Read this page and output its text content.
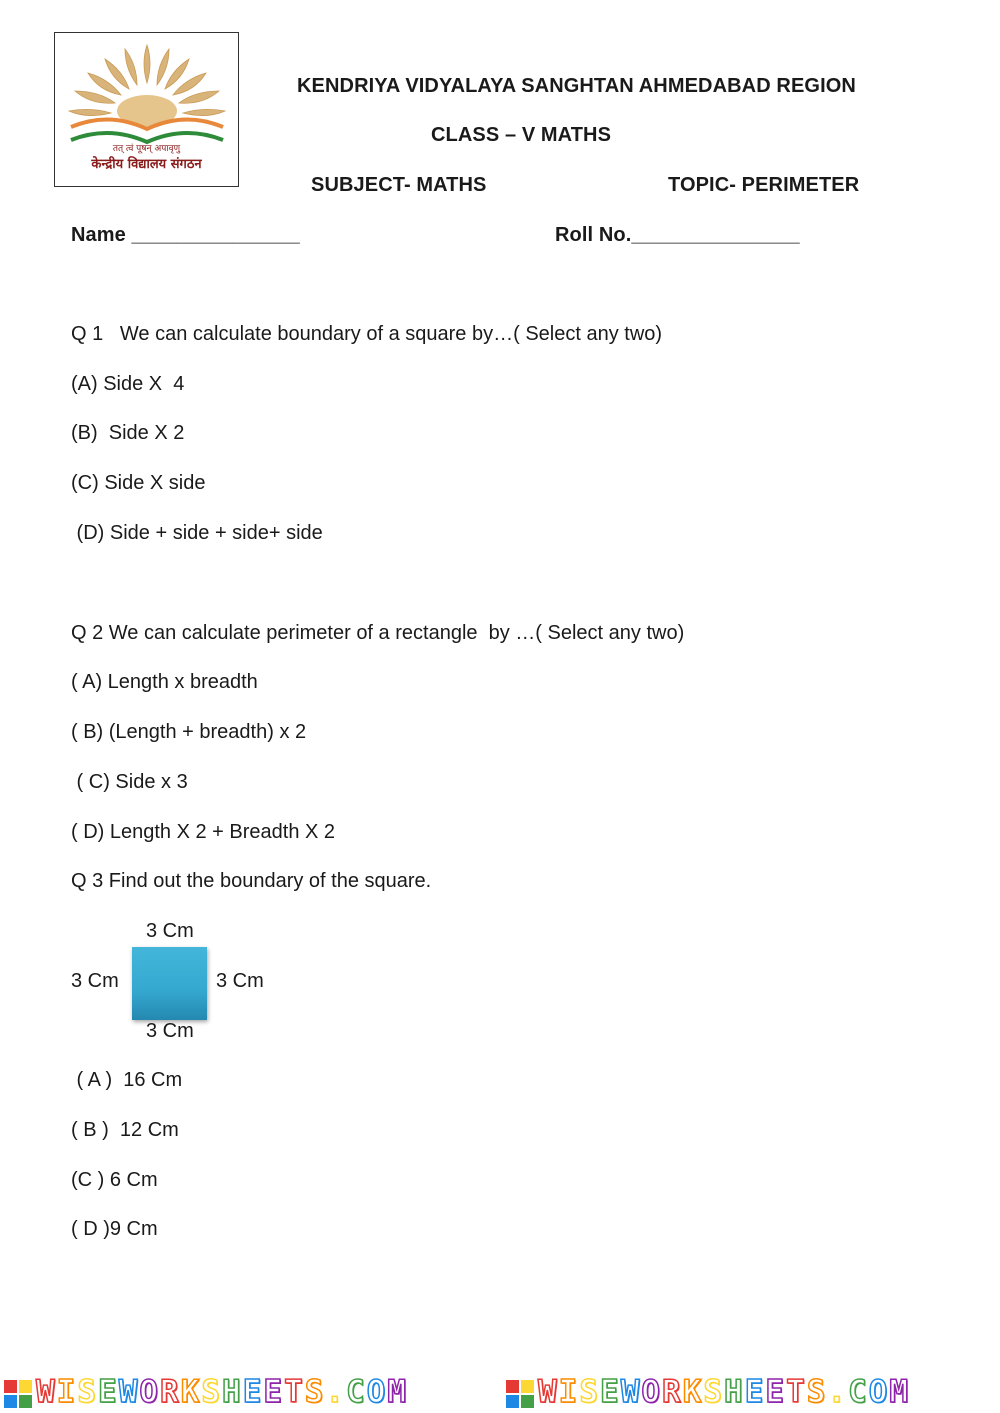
तत् त्वं पूषन् अपावृणु
केन्द्रीय विद्यालय संगठन
KENDRIYA VIDYALAYA SANGHTAN AHMEDABAD REGION
CLASS – V MATHS
SUBJECT- MATHS	TOPIC- PERIMETER
Name _______________	Roll No._______________
Q 1   We can calculate boundary of a square by…( Select any two)
(A) Side X  4
(B)  Side X 2
(C) Side X side
(D) Side + side + side+ side
Q 2 We can calculate perimeter of a rectangle  by …( Select any two)
( A) Length x breadth
( B) (Length + breadth) x 2
( C) Side x 3
( D) Length X 2 + Breadth X 2
Q 3 Find out the boundary of the square.
3 Cm
3 Cm	3 Cm
3 Cm
( A )  16 Cm
( B )  12 Cm
(C ) 6 Cm
( D )9 Cm
WISEWORKSHEETS.COM	WISEWORKSHEETS.COM
